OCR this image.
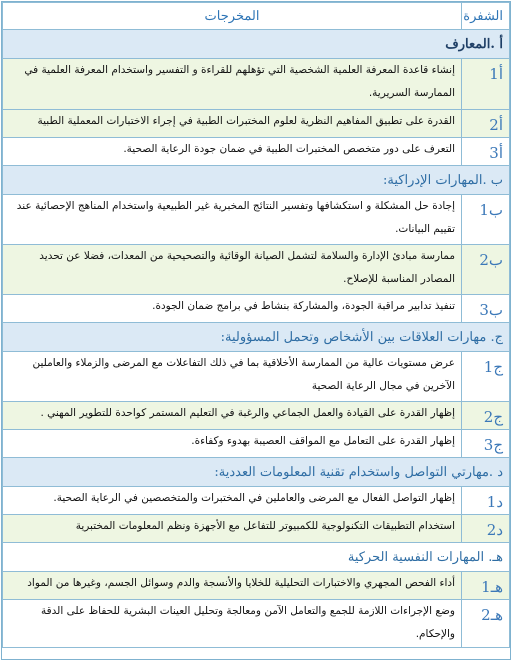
الشفرة	المخرجات
أ .المعارف	
أ1	إنشاء قاعدة المعرفة العلمية الشخصية التي تؤهلهم للقراءة و التفسير واستخدام المعرفة العلمية في الممارسة السريرية.
أ2	القدرة على تطبيق المفاهيم النظرية لعلوم المختبرات الطبية في إجراء الاختبارات المعملية الطبية
أ3	التعرف على دور متخصص المختبرات الطبية في ضمان جودة الرعاية الصحية.
ب .المهارات الإدراكية:	
ب1	إجادة حل المشكلة و استكشافها وتفسير النتائج المخبرية غير الطبيعية واستخدام المناهج الإحصائية عند تقييم البيانات.
ب2	ممارسة مبادئ الإدارة والسلامة لتشمل الصيانة الوقائية والتصحيحية من المعدات، فضلا عن تحديد المصادر المناسبة للإصلاح.
ب3	تنفيذ تدابير مراقبة الجودة، والمشاركة بنشاط في برامج ضمان الجودة.
ج. مهارات العلاقات بين الأشخاص وتحمل المسؤولية:	
ج1	عرض مستويات عالية من الممارسة الأخلاقية بما في ذلك التفاعلات مع المرضى والزملاء والعاملين الآخرين في مجال الرعاية الصحية
ج2	إظهار القدرة على القيادة والعمل الجماعي والرغبة في التعليم المستمر كواحدة للتطوير المهني .
ج3	إظهار القدرة على التعامل مع المواقف العصيبة بهدوء وكفاءة.
د .مهارتي التواصل واستخدام تقنية المعلومات العددية:	
د1	إظهار التواصل الفعال مع المرضى والعاملين في المختبرات والمتخصصين في الرعاية الصحية.
د2	استخدام التطبيقات التكنولوجية للكمبيوتر للتفاعل مع الأجهزة ونظم المعلومات المختبرية
هـ. المهارات النفسية الحركية	
هـ1	أداء الفحص المجهري والاختبارات التحليلية للخلايا والأنسجة والدم وسوائل الجسم، وغيرها من المواد
هـ2	وضع الإجراءات اللازمة للجمع والتعامل الآمن ومعالجة وتحليل العينات البشرية للحفاظ على الدقة والإحكام.
